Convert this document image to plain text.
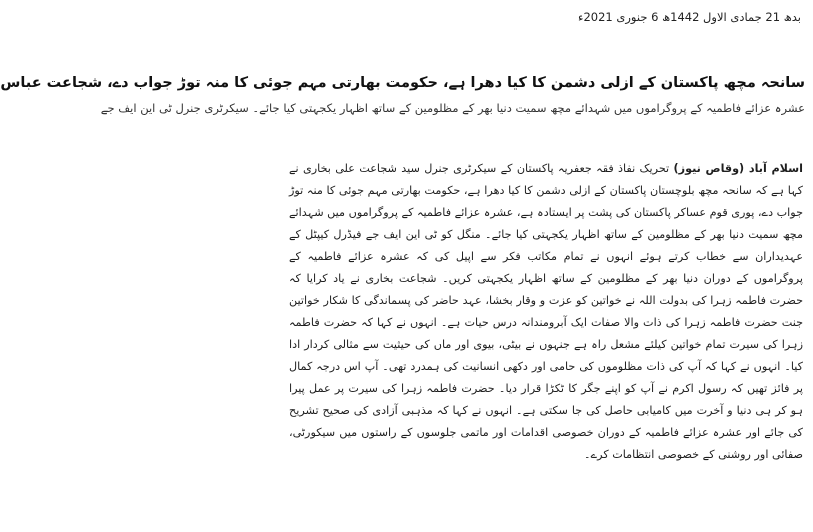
بدھ 21 جمادی الاول 1442ھ 6 جنوری 2021ء
سانحہ مچھ پاکستان کے ازلی دشمن کا کیا دھرا ہے، حکومت بھارتی مہم جوئی کا منہ توڑ جواب دے، شجاعت عباس
عشرہ عزائے فاطمیہ کے پروگراموں میں شہدائے مچھ سمیت دنیا بھر کے مظلومین کے ساتھ اظہار یکجہتی کیا جائے۔ سیکرٹری جنرل ٹی این ایف جے

اسلام آباد (وقاص نیوز) تحریک نفاذ فقہ جعفریہ پاکستان کے سیکرٹری جنرل سید شجاعت علی بخاری نے کہا ہے کہ سانحہ مچھ بلوچستان پاکستان کے ازلی دشمن کا کیا دھرا ہے، حکومت بھارتی مہم جوئی کا منہ توڑ جواب دے، پوری قوم عساکر پاکستان کی پشت پر ایستادہ ہے، عشرہ عزائے فاطمیہ کے پروگراموں میں شہدائے مچھ سمیت دنیا بھر کے مظلومین کے ساتھ اظہار یکجہتی کیا جائے۔ منگل کو ٹی این ایف جے فیڈرل کیپٹل کے عہدیداران سے خطاب کرتے ہوئے انہوں نے تمام مکاتب فکر سے اپیل کی کہ عشرہ عزائے فاطمیہ کے پروگراموں کے دوران دنیا بھر کے مظلومین کے ساتھ اظہار یکجہتی کریں۔ شجاعت بخاری نے یاد کرایا کہ حضرت فاطمہ زہرا کی بدولت اللہ نے خواتین کو عزت و وقار بخشا، عہد حاضر کی پسماندگی کا شکار خواتین جنت حضرت فاطمہ زہرا کی ذات والا صفات ایک آبرومندانہ درس حیات ہے۔ انہوں نے کہا کہ حضرت فاطمہ زہرا کی سیرت تمام خواتین کیلئے مشعل راہ ہے جنہوں نے بیٹی، بیوی اور ماں کی حیثیت سے مثالی کردار ادا کیا۔ انہوں نے کہا کہ آپ کی ذات مظلوموں کی حامی اور دکھی انسانیت کی ہمدرد تھی۔ آپ اس درجہ کمال پر فائز تھیں کہ رسول اکرم نے آپ کو اپنے جگر کا ٹکڑا قرار دیا۔ حضرت فاطمہ زہرا کی سیرت پر عمل پیرا ہو کر ہی دنیا و آخرت میں کامیابی حاصل کی جا سکتی ہے۔ انہوں نے کہا کہ مذہبی آزادی کی صحیح تشریح کی جائے اور عشرہ عزائے فاطمیہ کے دوران خصوصی اقدامات اور ماتمی جلوسوں کے راستوں میں سیکورٹی، صفائی اور روشنی کے خصوصی انتظامات کرے۔
